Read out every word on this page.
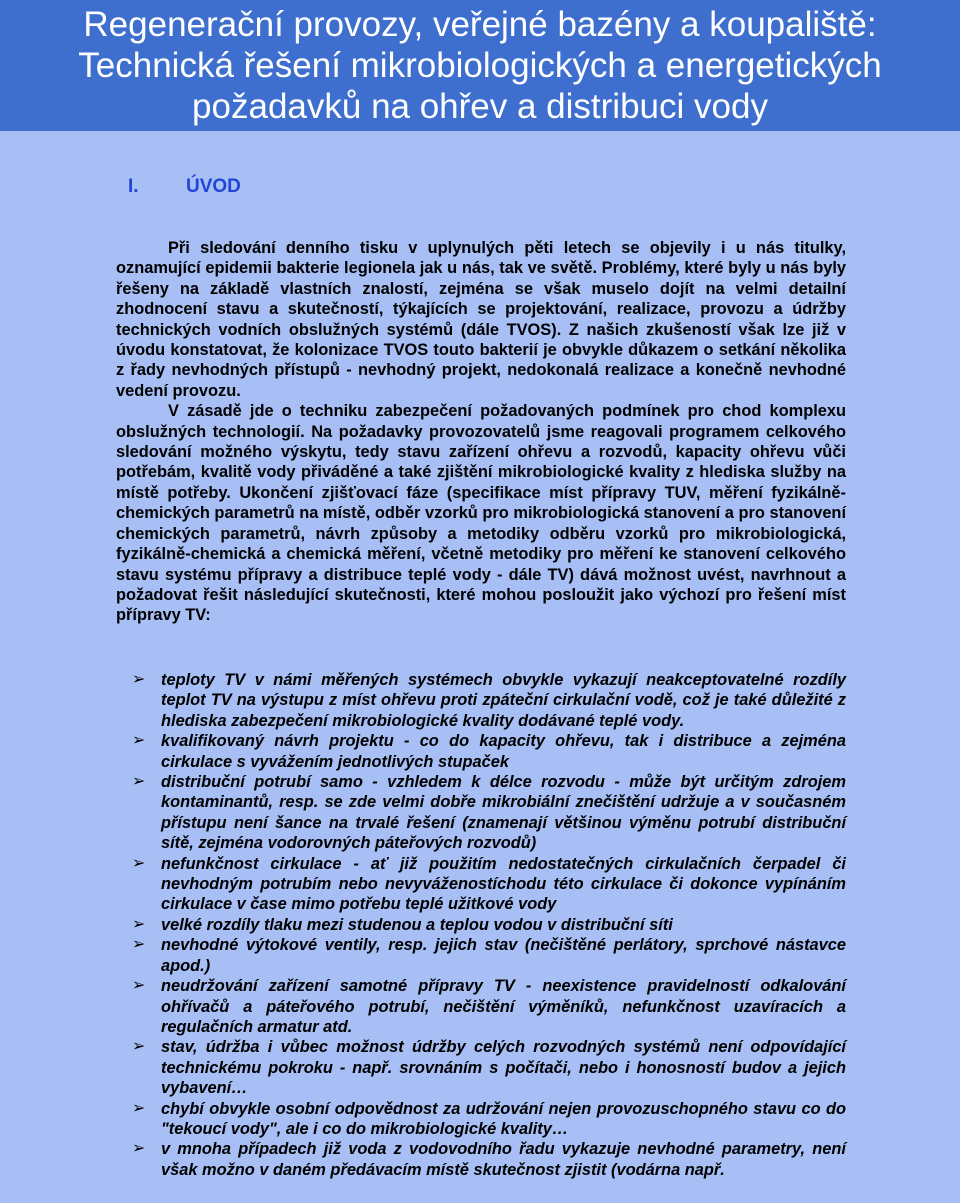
Regenerační provozy, veřejné bazény a koupaliště:
Technická řešení mikrobiologických a energetických
požadavků na ohřev a distribuci vody
I. ÚVOD

Při sledování denního tisku v uplynulých pěti letech se objevily i u nás titulky, oznamující epidemii bakterie legionela jak u nás, tak ve světě. Problémy, které byly u nás byly řešeny na základě vlastních znalostí, zejména se však muselo dojít na velmi detailní zhodnocení stavu a skutečností, týkajících se projektování, realizace, provozu a údržby technických vodních obslužných systémů (dále TVOS). Z našich zkušeností však lze již v úvodu konstatovat, že kolonizace TVOS touto bakterií je obvykle důkazem o setkání několika z řady nevhodných přístupů - nevhodný projekt, nedokonalá realizace a konečně nevhodné vedení provozu.

V zásadě jde o techniku zabezpečení požadovaných podmínek pro chod komplexu obslužných technologií. Na požadavky provozovatelů jsme reagovali programem celkového sledování možného výskytu, tedy stavu zařízení ohřevu a rozvodů, kapacity ohřevu vůči potřebám, kvalitě vody přiváděné a také zjištění mikrobiologické kvality z hlediska služby na místě potřeby. Ukončení zjišťovací fáze (specifikace míst přípravy TUV, měření fyzikálně-chemických parametrů na místě, odběr vzorků pro mikrobiologická stanovení a pro stanovení chemických parametrů, návrh způsoby a metodiky odběru vzorků pro mikrobiologická, fyzikálně-chemická a chemická měření, včetně metodiky pro měření ke stanovení celkového stavu systému přípravy a distribuce teplé vody - dále TV) dává možnost uvést, navrhnout a požadovat řešit následující skutečnosti, které mohou posloužit jako výchozí pro řešení míst přípravy TV:

➢ teploty TV v námi měřených systémech obvykle vykazují neakceptovatelné rozdíly teplot TV na výstupu z míst ohřevu proti zpáteční cirkulační vodě, což je také důležité z hlediska zabezpečení mikrobiologické kvality dodávané teplé vody.
➢ kvalifikovaný návrh projektu - co do kapacity ohřevu, tak i distribuce a zejména cirkulace s vyvážením jednotlivých stupaček
➢ distribuční potrubí samo - vzhledem k délce rozvodu - může být určitým zdrojem kontaminantů, resp. se zde velmi dobře mikrobiální znečištění udržuje a v současném přístupu není šance na trvalé řešení (znamenají většinou výměnu potrubí distribuční sítě, zejména vodorovných páteřových rozvodů)
➢ nefunkčnost cirkulace - ať již použitím nedostatečných cirkulačních čerpadel či nevhodným potrubím nebo nevyváženostíchodu této cirkulace či dokonce vypínáním cirkulace v čase mimo potřebu teplé užitkové vody
➢ velké rozdíly tlaku mezi studenou a teplou vodou v distribuční síti
➢ nevhodné výtokové ventily, resp. jejich stav (nečištěné perlátory, sprchové nástavce apod.)
➢ neudržování zařízení samotné přípravy TV - neexistence pravidelností odkalování ohřívačů a páteřového potrubí, nečištění výměníků, nefunkčnost uzavíracích a regulačních armatur atd.
➢ stav, údržba i vůbec možnost údržby celých rozvodných systémů není odpovídající technickému pokroku - např. srovnáním s počítači, nebo i honosností budov a jejich vybavení…
➢ chybí obvykle osobní odpovědnost za udržování nejen provozuschopného stavu co do "tekoucí vody", ale i co do mikrobiologické kvality…
➢ v mnoha případech již voda z vodovodního řadu vykazuje nevhodné parametry, není však možno v daném předávacím místě skutečnost zjistit (vodárna např.
